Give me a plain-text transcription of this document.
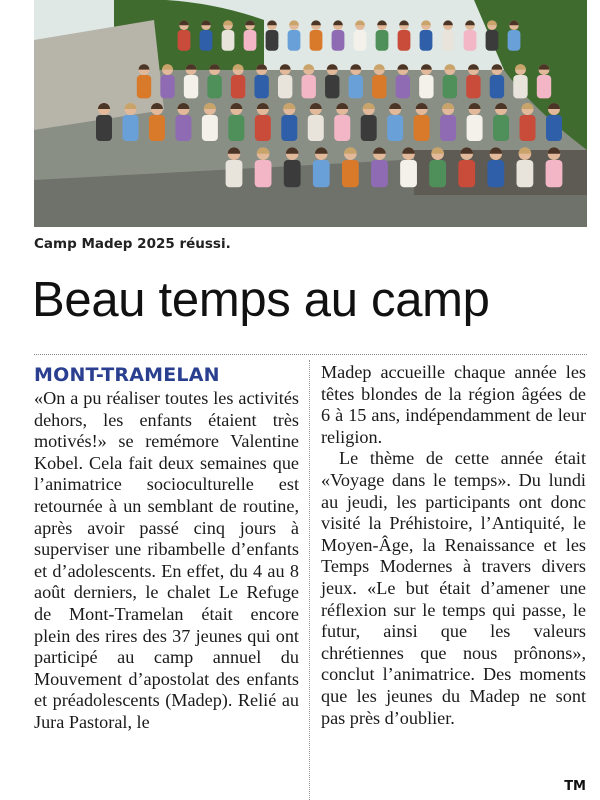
Camp Madep 2025 réussi.
Beau temps au camp
MONT-TRAMELAN

«On a pu réaliser toutes les activités dehors, les enfants étaient très motivés!» se remémore Valentine Kobel. Cela fait deux semaines que l’animatrice socioculturelle est retournée à un semblant de routine, après avoir passé cinq jours à superviser une ribambelle d’enfants et d’adolescents. En effet, du 4 au 8 août derniers, le chalet Le Refuge de Mont-Tramelan était encore plein des rires des 37 jeunes qui ont participé au camp annuel du Mouvement d’apostolat des enfants et préadolescents (Madep). Relié au Jura Pastoral, le

Madep accueille chaque année les têtes blondes de la région âgées de 6 à 15 ans, indépendamment de leur religion.

Le thème de cette année était «Voyage dans le temps». Du lundi au jeudi, les participants ont donc visité la Préhistoire, l’Antiquité, le Moyen-Âge, la Renaissance et les Temps Modernes à travers divers jeux. «Le but était d’amener une réflexion sur le temps qui passe, le futur, ainsi que les valeurs chrétiennes que nous prônons», conclut l’animatrice. Des moments que les jeunes du Madep ne sont pas près d’oublier.

TM
